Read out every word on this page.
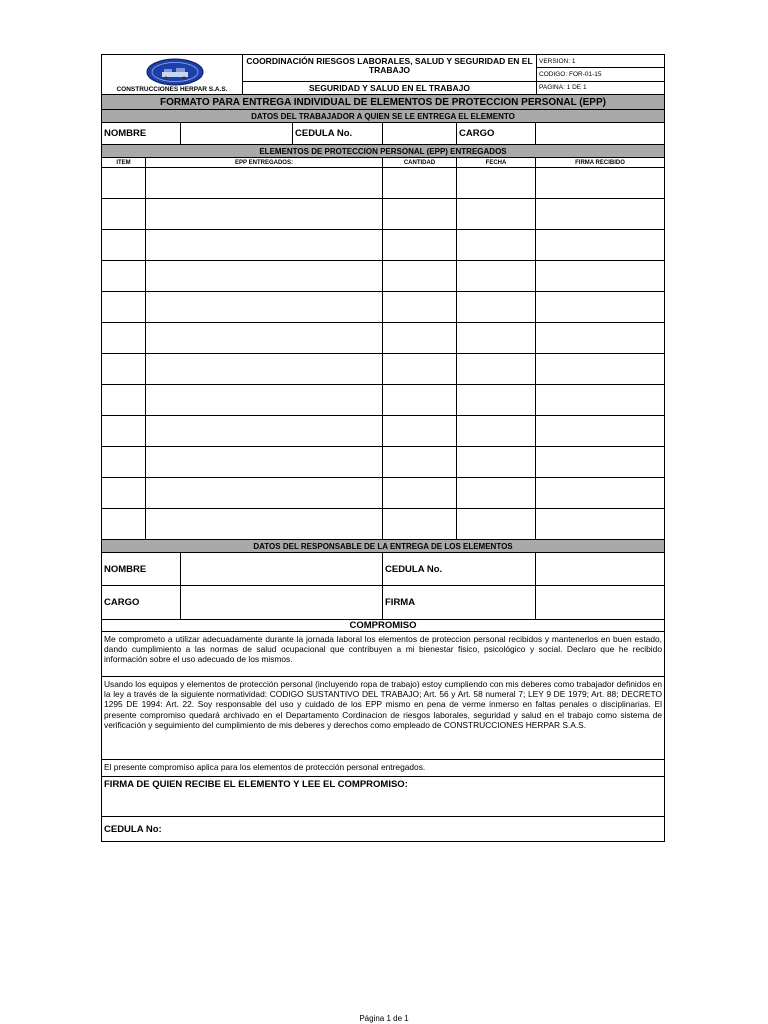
CONSTRUCCIONES HERPAR S.A.S.
COORDINACIÓN RIESGOS LABORALES, SALUD Y SEGURIDAD EN EL TRABAJO
SEGURIDAD Y SALUD EN EL TRABAJO
VERSION: 1
CODIGO: FOR-01-15
PAGINA: 1 DE 1
FORMATO PARA ENTREGA INDIVIDUAL DE ELEMENTOS DE PROTECCION PERSONAL (EPP)
DATOS DEL TRABAJADOR A QUIEN SE LE ENTREGA EL ELEMENTO
NOMBRE	CEDULA No.	CARGO
ELEMENTOS DE PROTECCION PERSONAL (EPP) ENTREGADOS
ITEM	EPP ENTREGADOS:	CANTIDAD	FECHA	FIRMA RECIBIDO
DATOS DEL RESPONSABLE DE LA ENTREGA DE LOS ELEMENTOS
NOMBRE	CEDULA No.
CARGO	FIRMA
COMPROMISO
Me comprometo a utilizar adecuadamente durante la jornada laboral los elementos de proteccion personal recibidos y mantenerlos en buen estado, dando cumplimiento a las normas de salud ocupacional que contribuyen a mi bienestar fisico, psicológico y social. Declaro que he recibido información sobre el uso adecuado de los mismos.
Usando los equipos y elementos de protección personal (incluyendo ropa de trabajo) estoy cumpliendo con mis deberes como trabajador definidos en la ley a través de la siguiente normatividad: CODIGO SUSTANTIVO DEL TRABAJO; Art. 56 y Art. 58 numeral 7; LEY 9 DE 1979; Art. 88; DECRETO 1295 DE 1994: Art. 22. Soy responsable del uso y cuidado de los EPP mismo en pena de verme inmerso en faltas penales o disciplinarias. El presente compromiso quedará archivado en el Departamento Cordinacion de riesgos laborales, seguridad y salud en el trabajo como sistema de verificación y seguimiento del cumplimiento de mis deberes y derechos como empleado de CONSTRUCCIONES HERPAR S.A.S.
El presente compromiso aplica para los elementos de protección personal entregados.
FIRMA DE QUIEN RECIBE EL ELEMENTO Y LEE EL COMPROMISO:
CEDULA No:
Página 1 de 1
